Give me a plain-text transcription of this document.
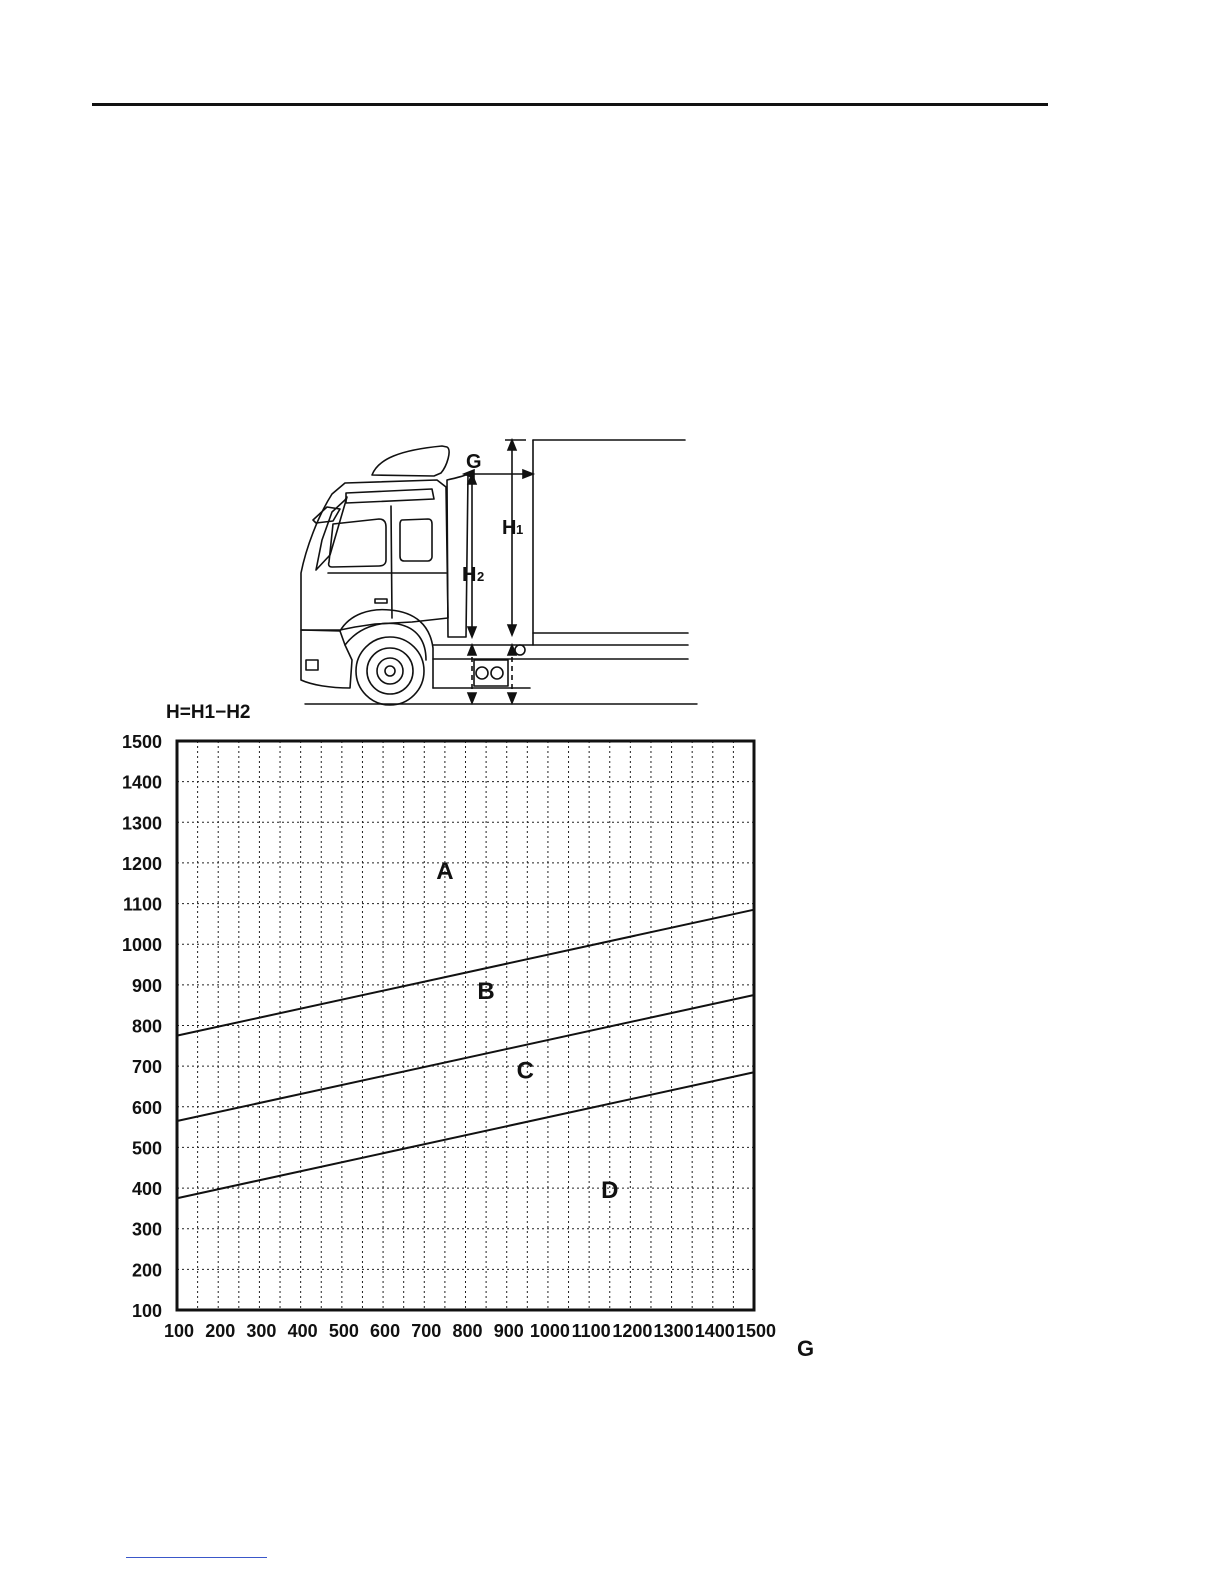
G
H 1
H 2
H=H1−H2
100
200
300
400
500
600
700
800
900
1000
1100
1200
1300
1400
1500
100 200 300 400 500 600 700 800 900 1000 1100 1200 1300 1400 1500
A
B
C
D
G
